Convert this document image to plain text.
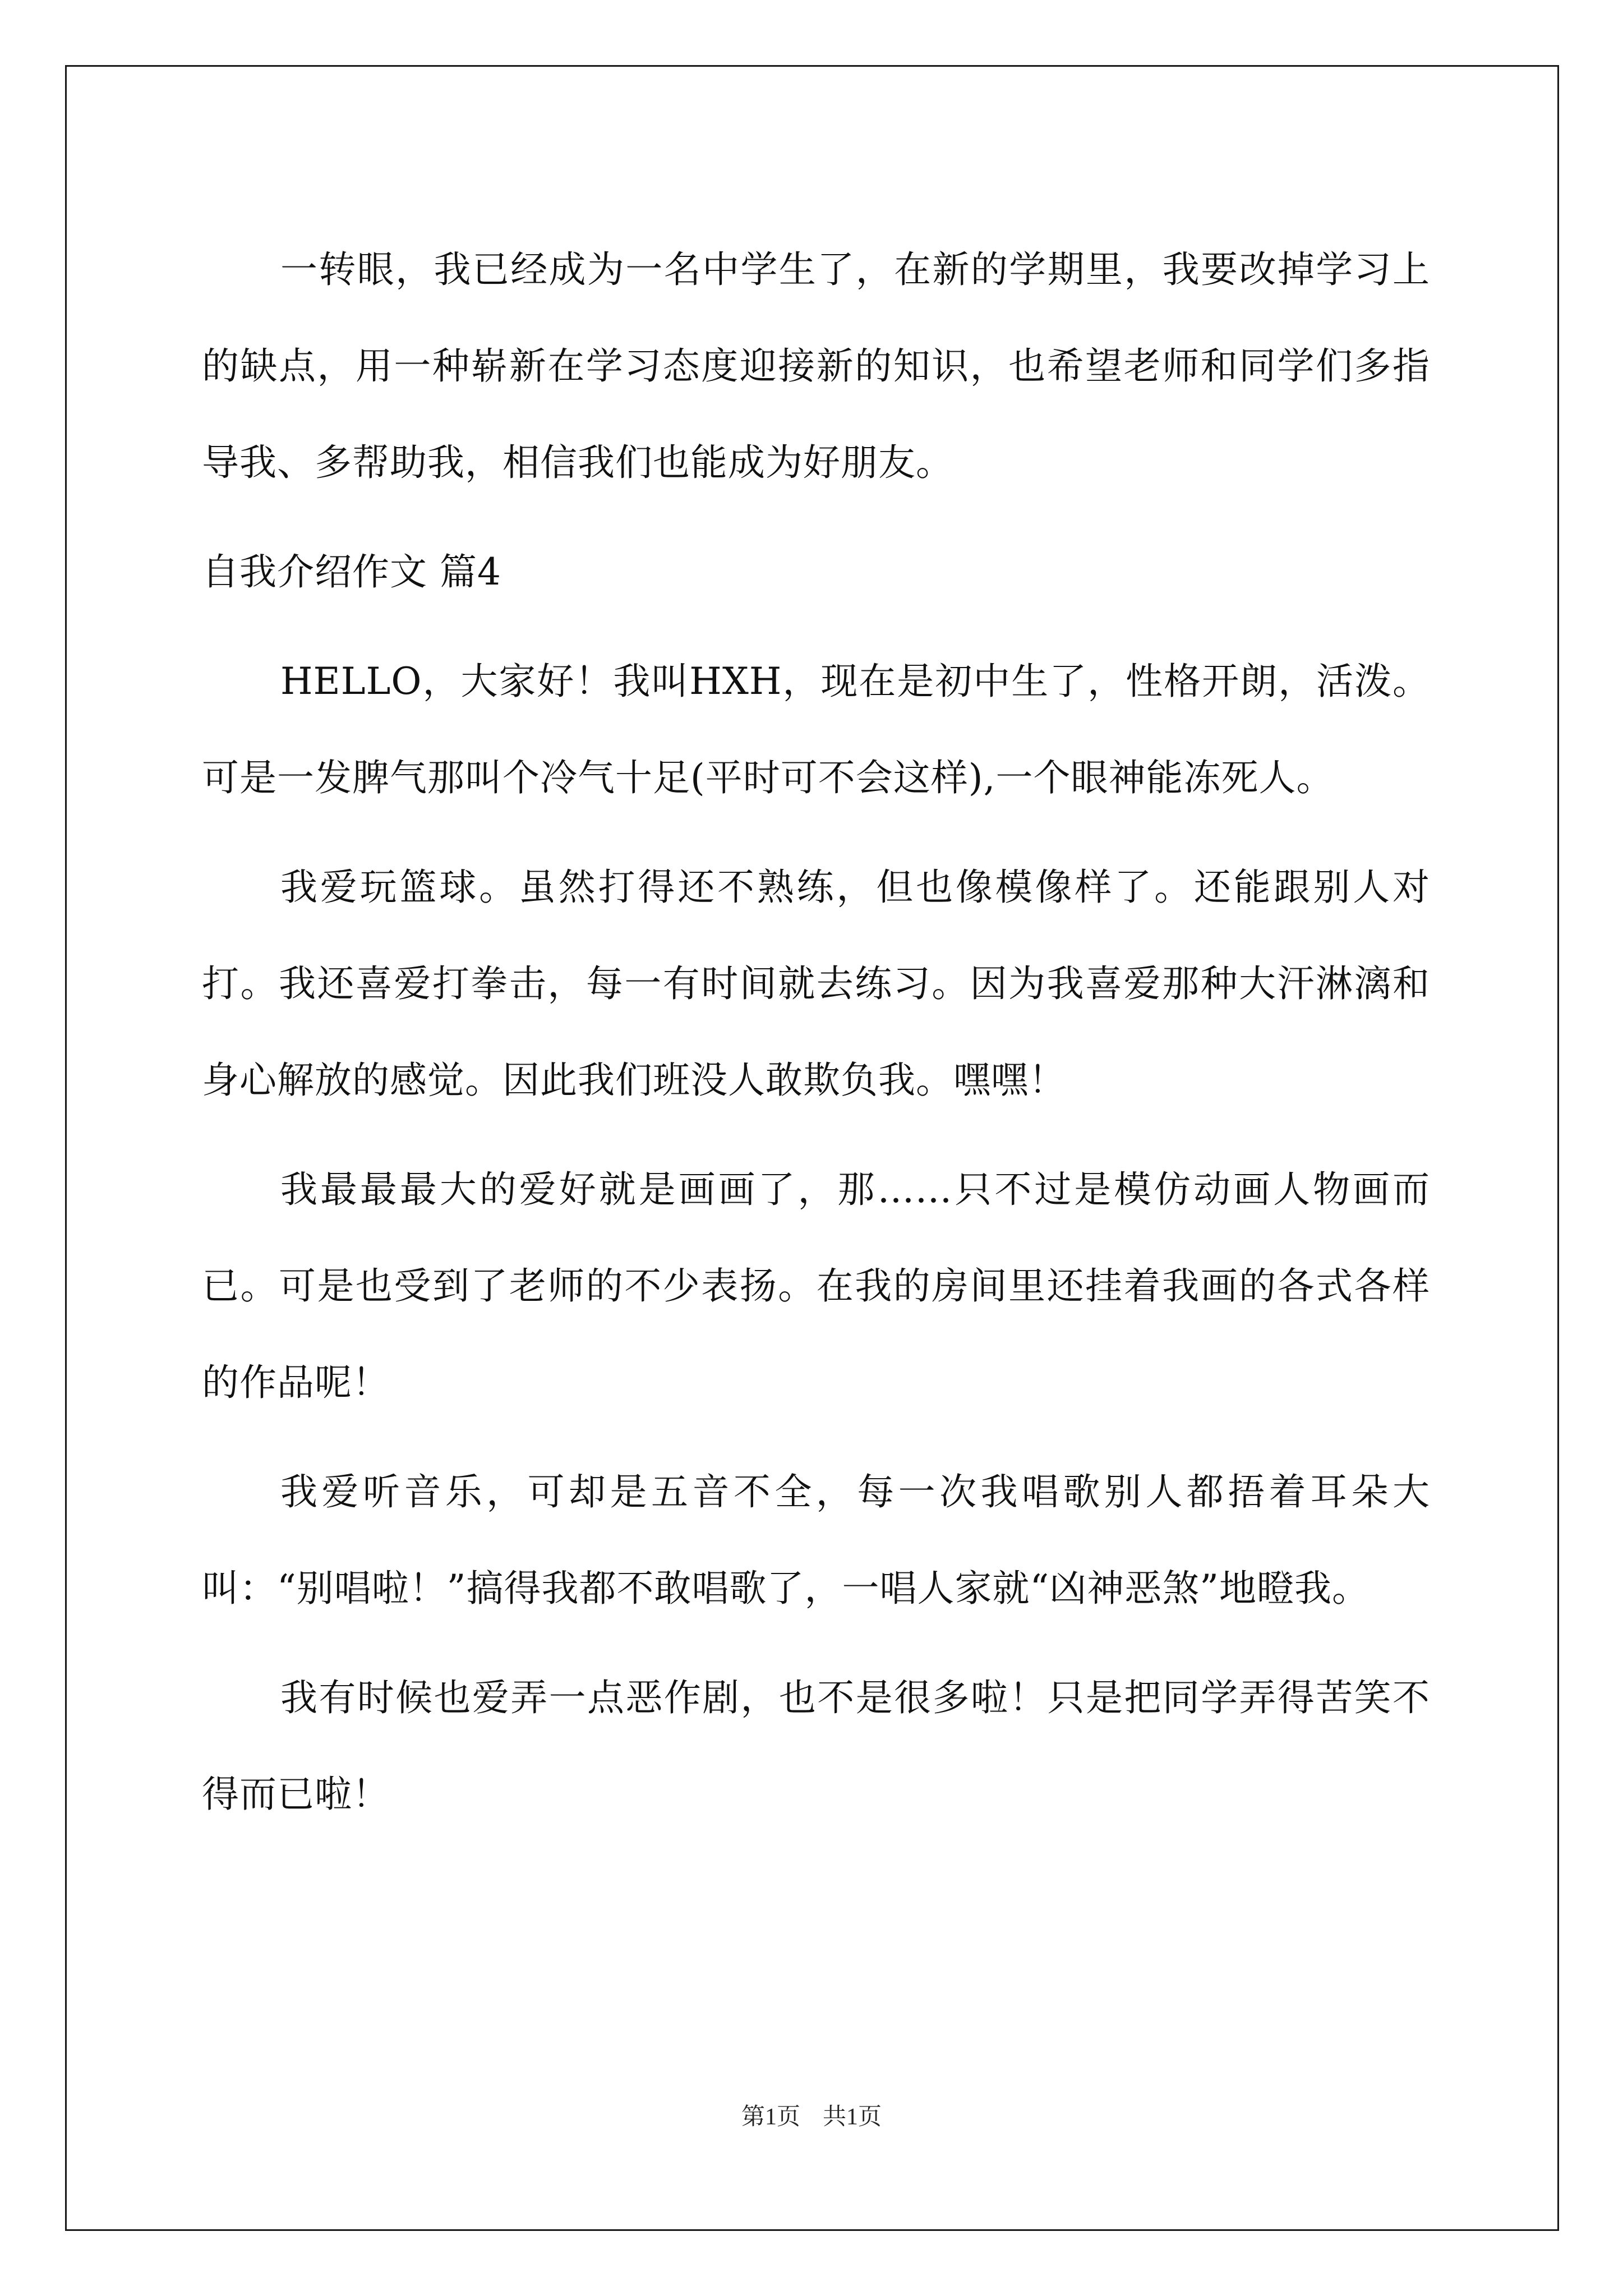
一转眼，我已经成为一名中学生了，在新的学期里，我要改掉学习上的缺点，用一种崭新在学习态度迎接新的知识，也希望老师和同学们多指导我、多帮助我，相信我们也能成为好朋友。

自我介绍作文 篇4

HELLO，大家好！我叫HXH，现在是初中生了，性格开朗，活泼。可是一发脾气那叫个冷气十足(平时可不会这样),一个眼神能冻死人。

我爱玩篮球。虽然打得还不熟练，但也像模像样了。还能跟别人对打。我还喜爱打拳击，每一有时间就去练习。因为我喜爱那种大汗淋漓和身心解放的感觉。因此我们班没人敢欺负我。嘿嘿！

我最最最大的爱好就是画画了，那……只不过是模仿动画人物画而已。可是也受到了老师的不少表扬。在我的房间里还挂着我画的各式各样的作品呢！

我爱听音乐，可却是五音不全，每一次我唱歌别人都捂着耳朵大叫：“别唱啦！”搞得我都不敢唱歌了，一唱人家就“凶神恶煞”地瞪我。

我有时候也爱弄一点恶作剧，也不是很多啦！只是把同学弄得苦笑不得而已啦！

第1页 共1页
